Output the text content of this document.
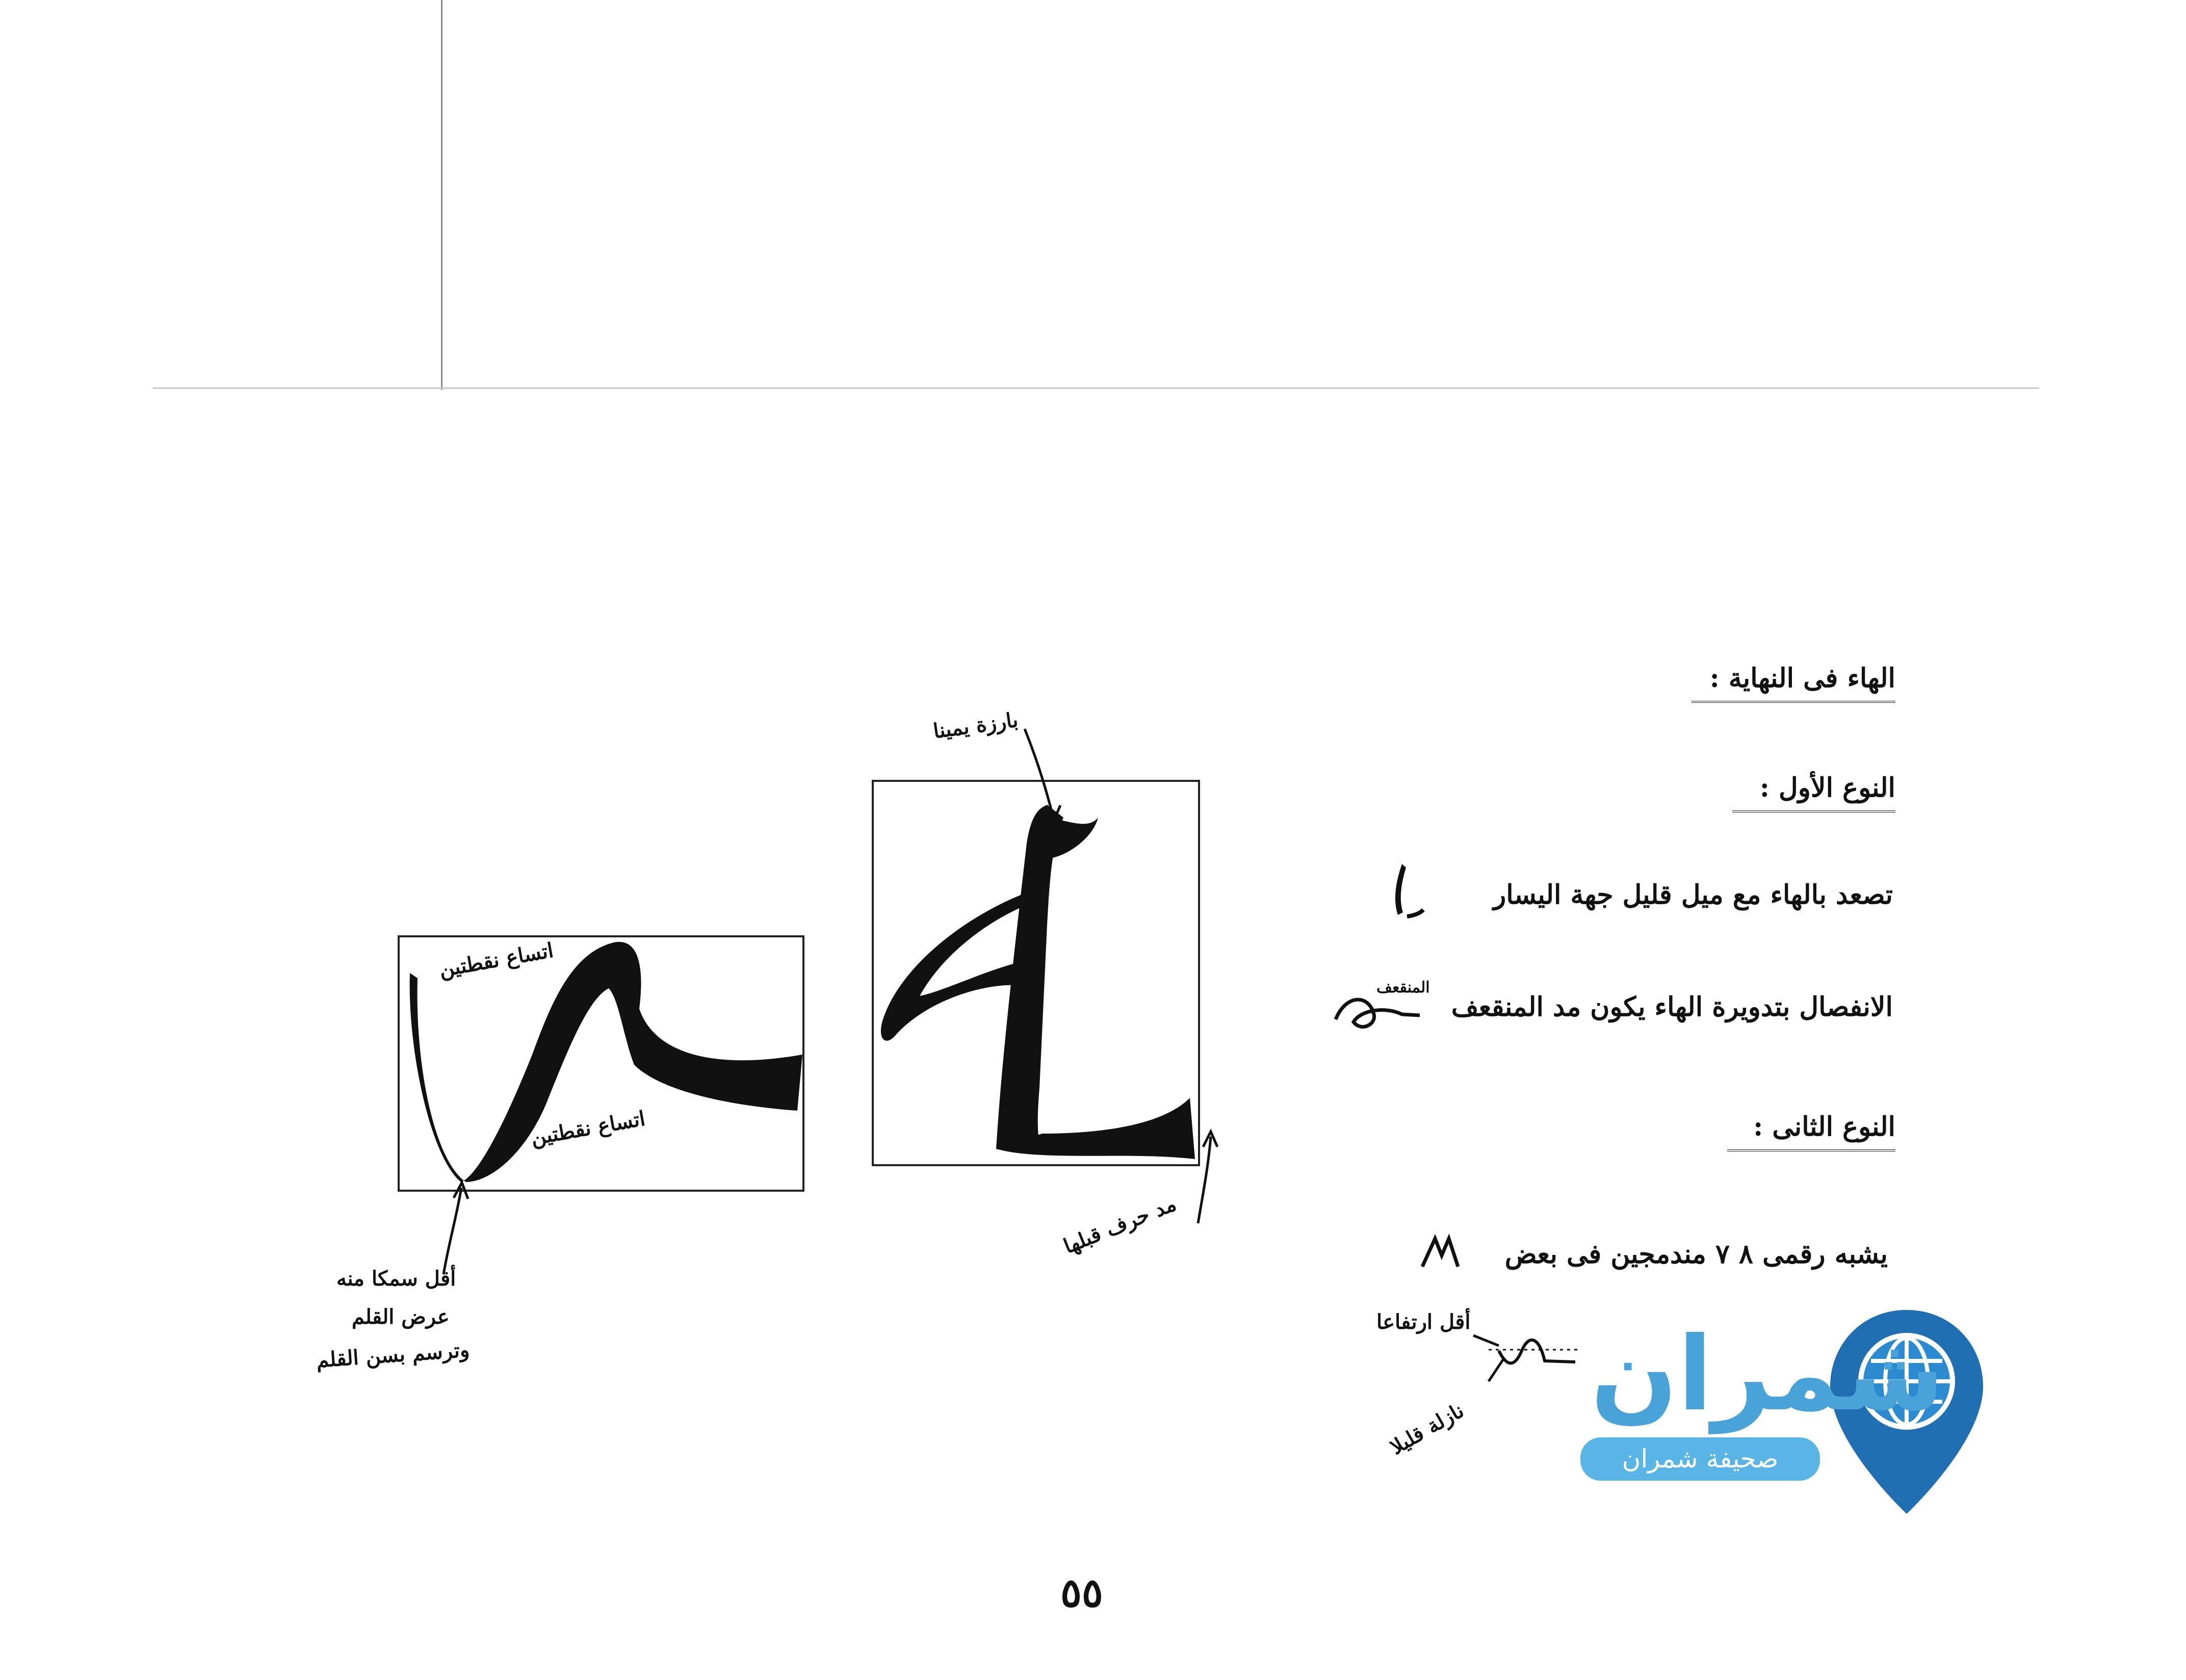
الهاء فى النهاية :
النوع الأول :
تصعد بالهاء مع ميل قليل جهة اليسار
الانفصال بتدويرة الهاء يكون مد المنقعف
المنقعف
النوع الثانى :
يشبه رقمى ٨ ٧ مندمجين فى بعض
أقل ارتفاعا
نازلة قليلا
بارزة يمينا
مد حرف قبلها
اتساع نقطتين
اتساع نقطتين
أقل سمكا منه
عرض القلم
وترسم بسن القلم	شمران
صحيفة شمران الاخبارية
٥٥
